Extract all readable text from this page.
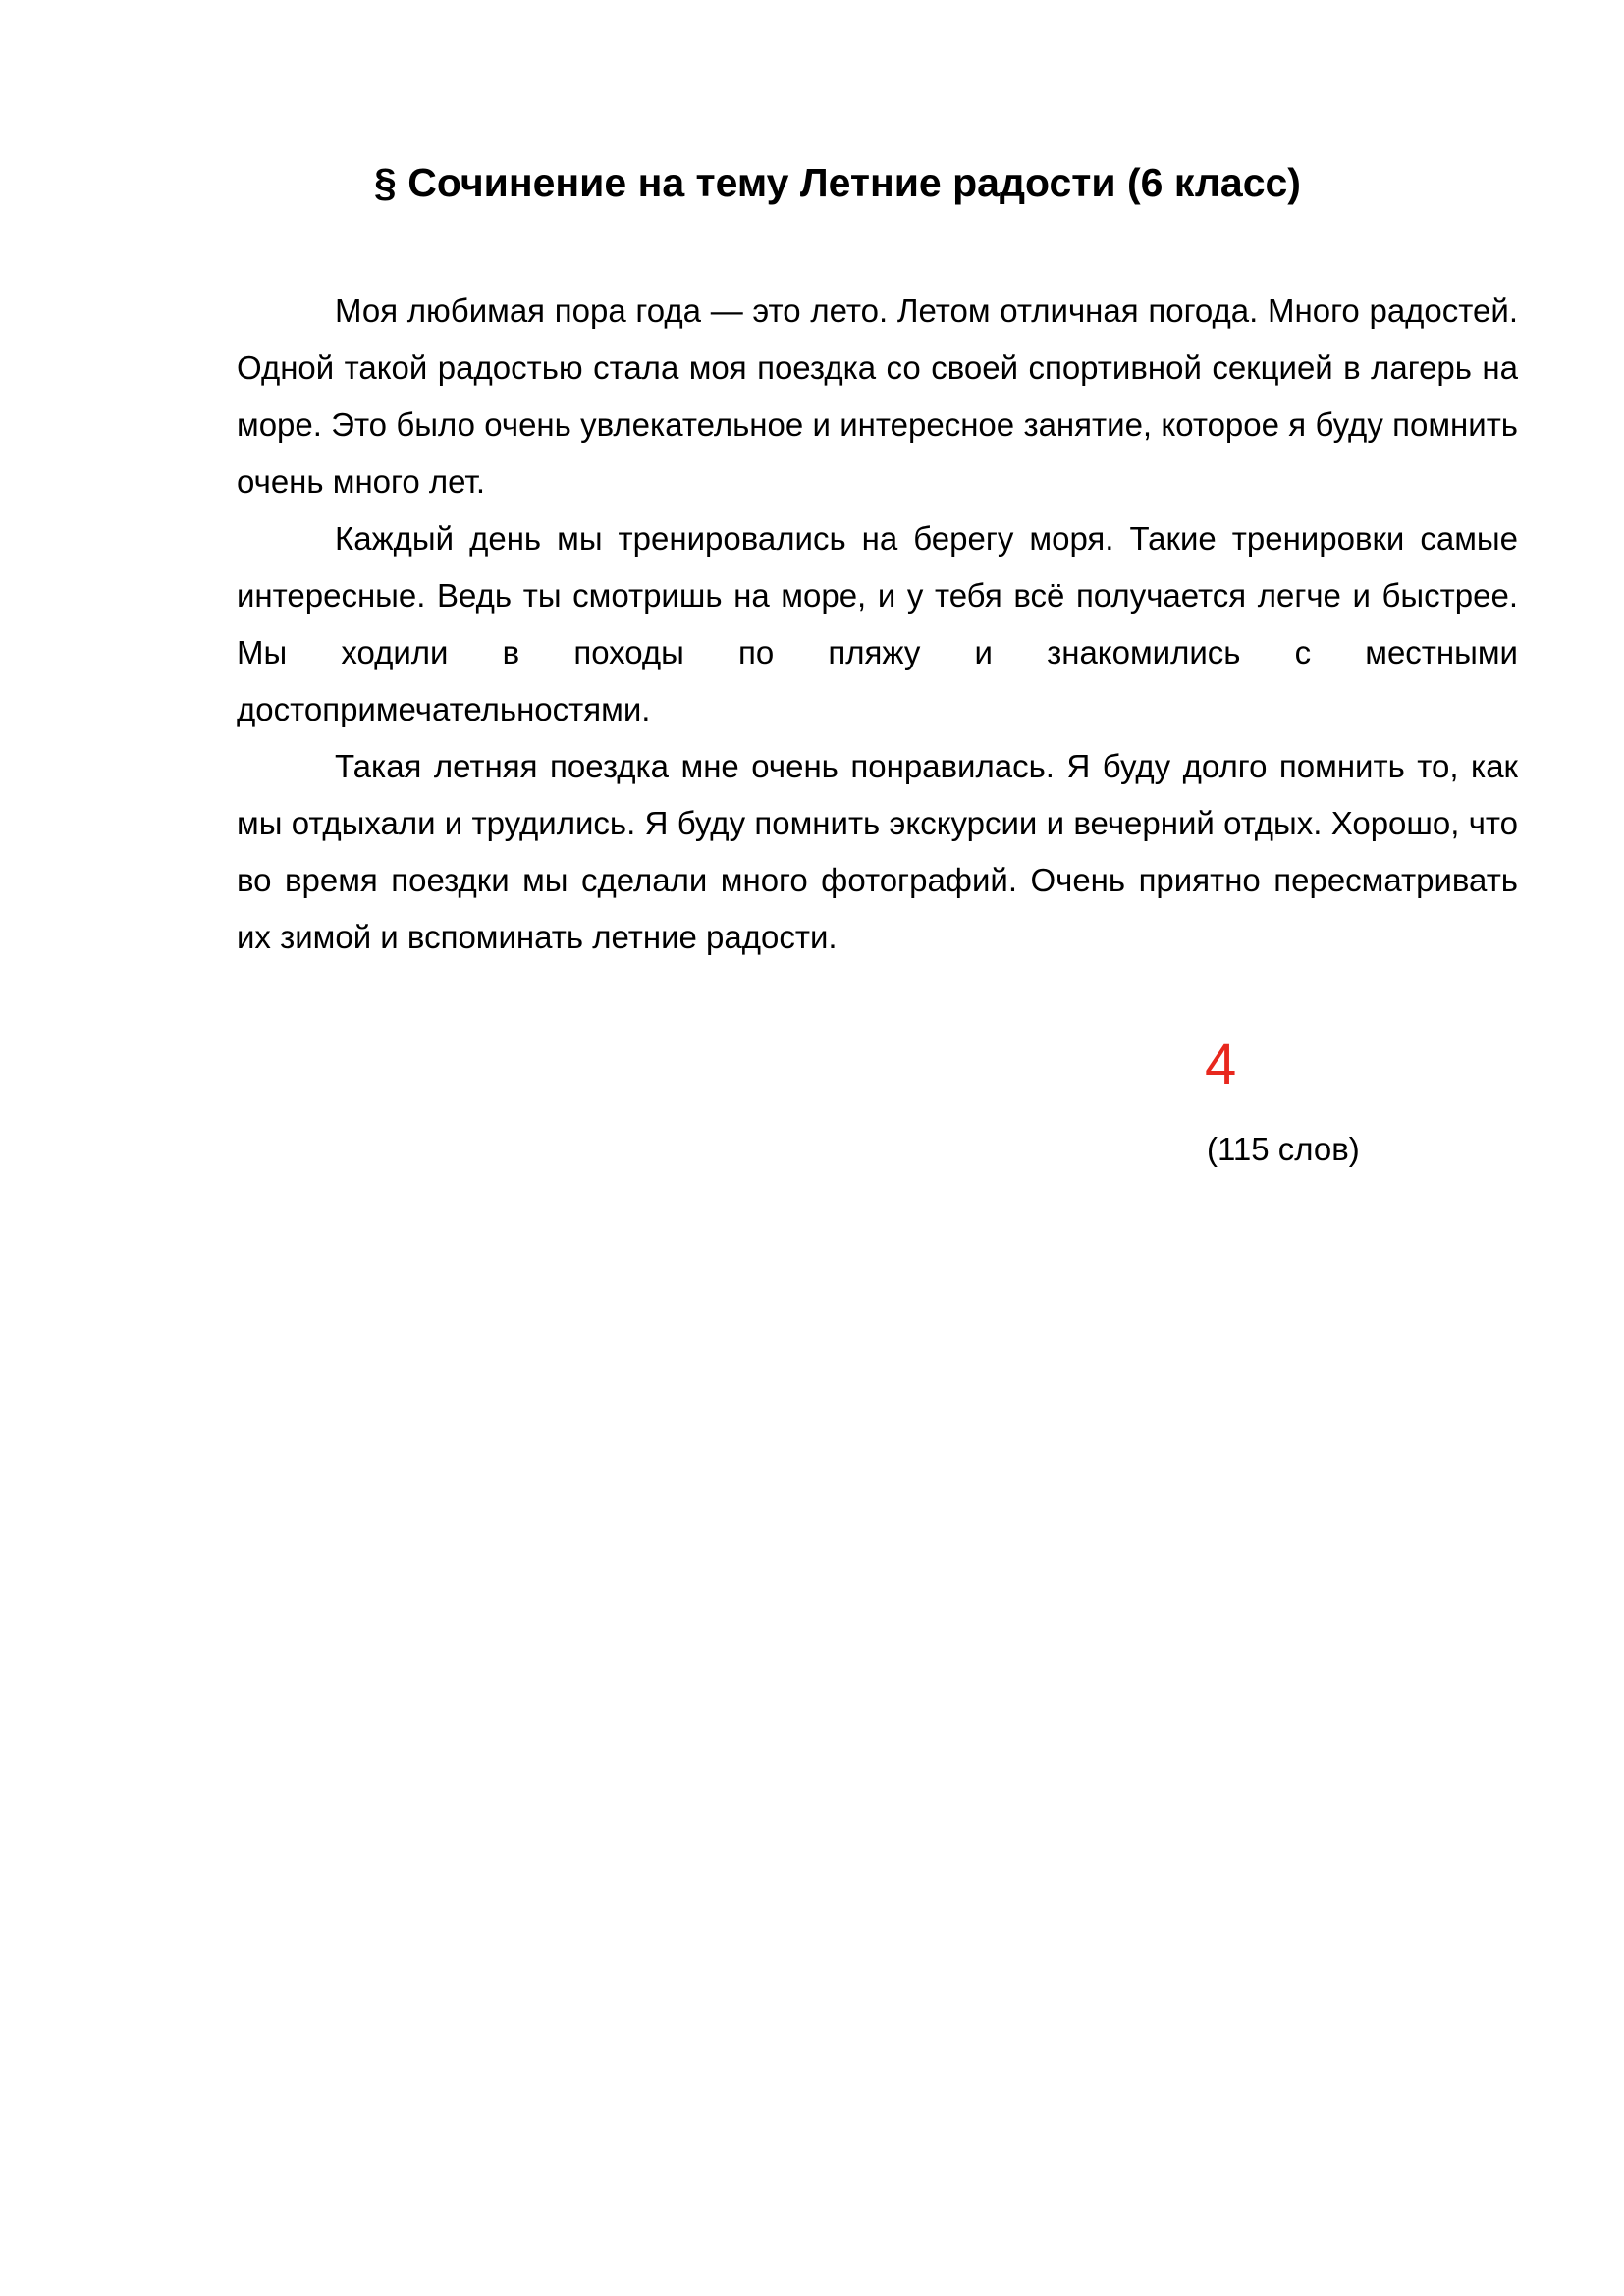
§ Сочинение на тему Летние радости (6 класс)

Моя любимая пора года — это лето. Летом отличная погода. Много радостей. Одной такой радостью стала моя поездка со своей спортивной секцией в лагерь на море. Это было очень увлекательное и интересное занятие, которое я буду помнить очень много лет.

Каждый день мы тренировались на берегу моря. Такие тренировки самые интересные. Ведь ты смотришь на море, и у тебя всё получается легче и быстрее. Мы ходили в походы по пляжу и знакомились с местными достопримечательностями.

Такая летняя поездка мне очень понравилась. Я буду долго помнить то, как мы отдыхали и трудились. Я буду помнить экскурсии и вечерний отдых. Хорошо, что во время поездки мы сделали много фотографий. Очень приятно пересматривать их зимой и вспоминать летние радости.

4
(115 слов)
